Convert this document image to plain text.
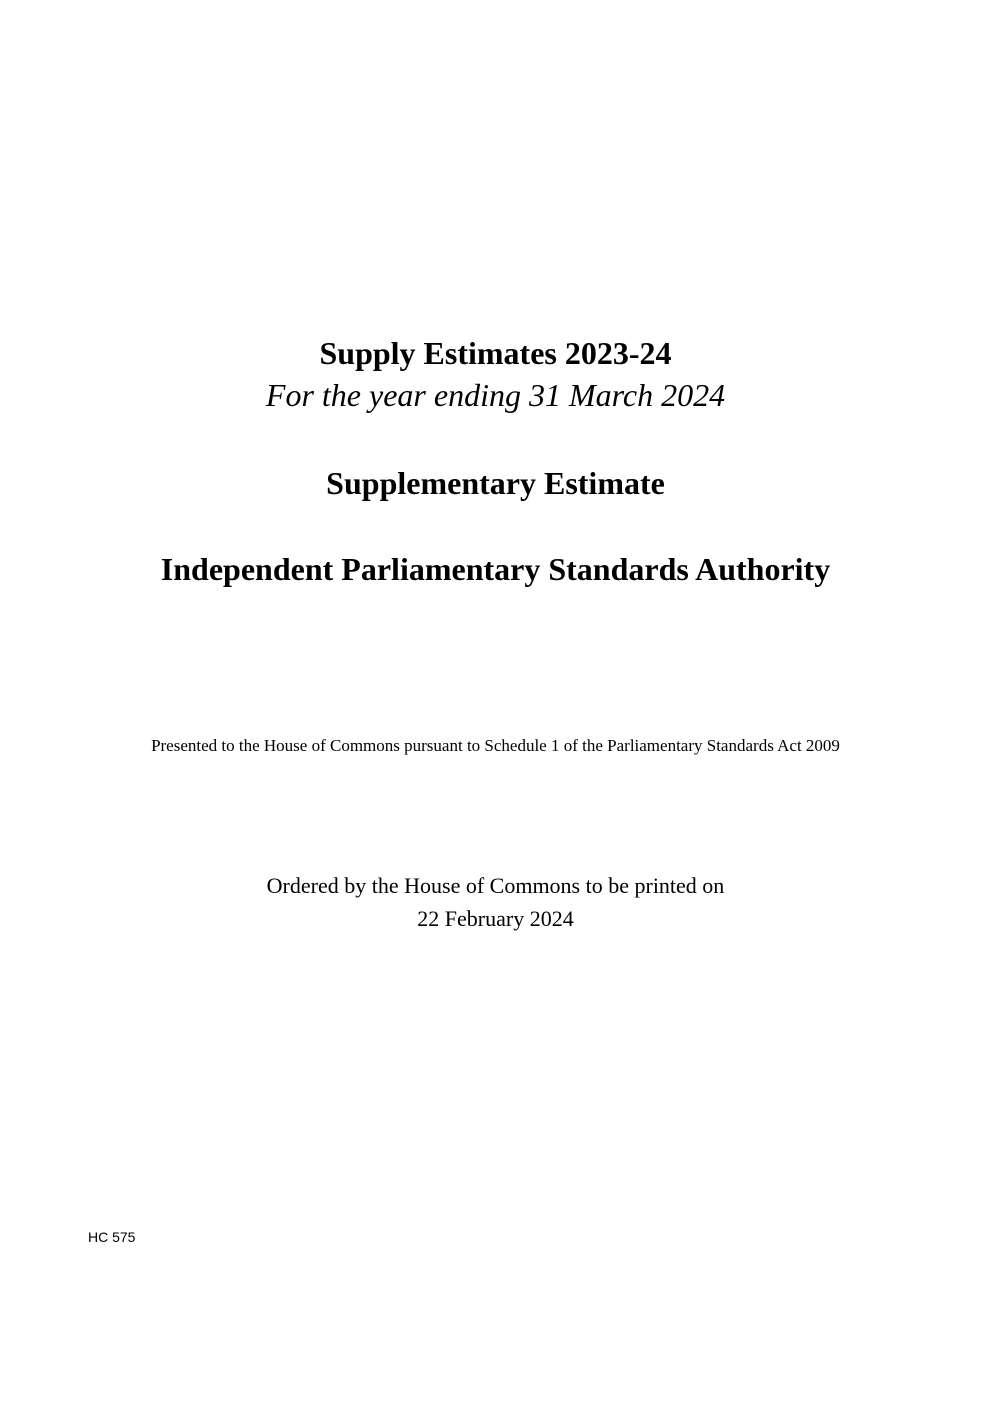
Supply Estimates 2023-24
For the year ending 31 March 2024
Supplementary Estimate
Independent Parliamentary Standards Authority
Presented to the House of Commons pursuant to Schedule 1 of the Parliamentary Standards Act 2009
Ordered by the House of Commons to be printed on
22 February 2024
HC 575
